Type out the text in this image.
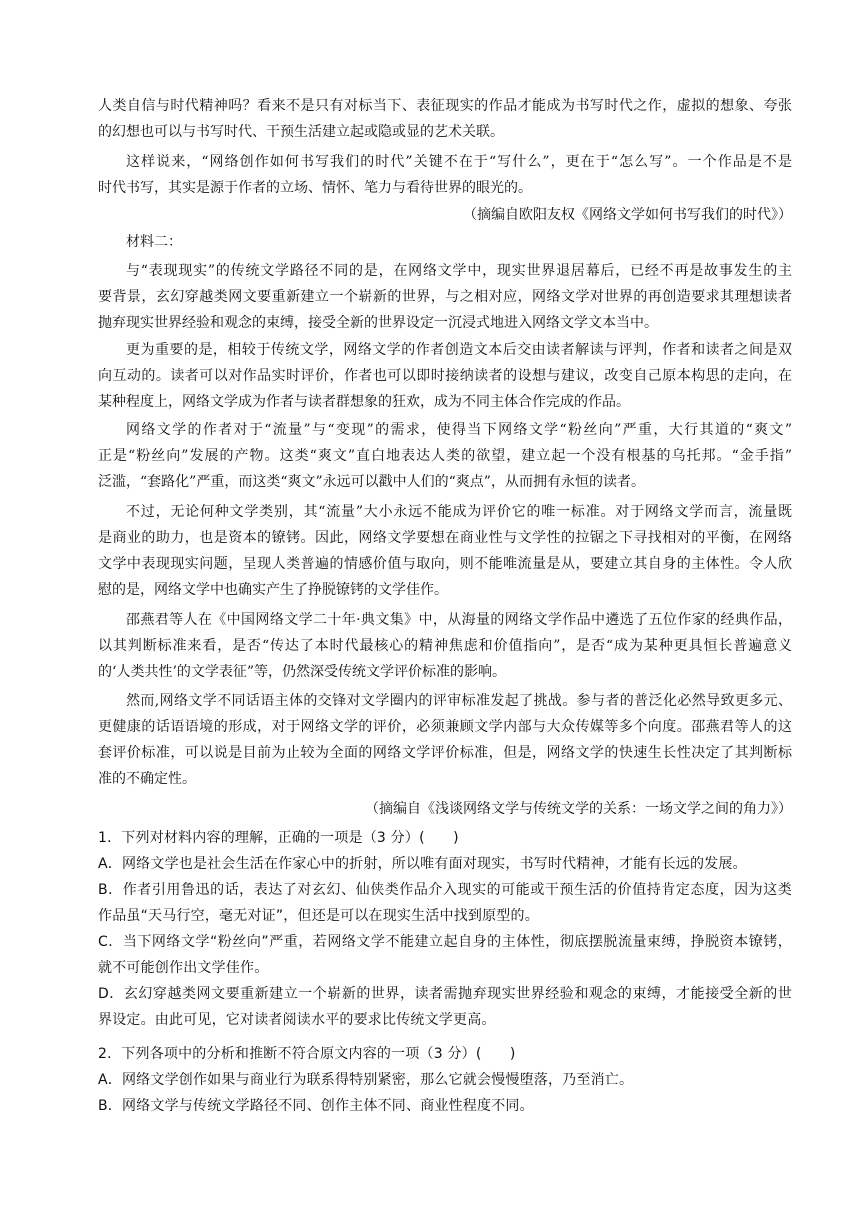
人类自信与时代精神吗？看来不是只有对标当下、表征现实的作品才能成为书写时代之作，虚拟的想象、夸张
的幻想也可以与书写时代、干预生活建立起或隐或显的艺术关联。
这样说来，“网络创作如何书写我们的时代”关键不在于“写什么”，更在于“怎么写”。一个作品是不是
时代书写，其实是源于作者的立场、情怀、笔力与看待世界的眼光的。
（摘编自欧阳友权《网络文学如何书写我们的时代》）
材料二：
与“表现现实”的传统文学路径不同的是，在网络文学中，现实世界退居幕后，已经不再是故事发生的主
要背景，玄幻穿越类网文要重新建立一个崭新的世界，与之相对应，网络文学对世界的再创造要求其理想读者
抛弃现实世界经验和观念的束缚，接受全新的世界设定一沉浸式地进入网络文学文本当中。
更为重要的是，相较于传统文学，网络文学的作者创造文本后交由读者解读与评判，作者和读者之间是双
向互动的。读者可以对作品实时评价，作者也可以即时接纳读者的设想与建议，改变自己原本构思的走向，在
某种程度上，网络文学成为作者与读者群想象的狂欢，成为不同主体合作完成的作品。
网络文学的作者对于“流量”与“变现”的需求，使得当下网络文学“粉丝向”严重，大行其道的“爽文”
正是“粉丝向”发展的产物。这类“爽文”直白地表达人类的欲望，建立起一个没有根基的乌托邦。“金手指”
泛滥，“套路化”严重，而这类“爽文”永远可以戳中人们的“爽点”，从而拥有永恒的读者。
不过，无论何种文学类别，其“流量”大小永远不能成为评价它的唯一标准。对于网络文学而言，流量既
是商业的助力，也是资本的镣铐。因此，网络文学要想在商业性与文学性的拉锯之下寻找相对的平衡，在网络
文学中表现现实问题，呈现人类普遍的情感价值与取向，则不能唯流量是从，要建立其自身的主体性。令人欣
慰的是，网络文学中也确实产生了挣脱镣铐的文学佳作。
邵燕君等人在《中国网络文学二十年·典文集》中，从海量的网络文学作品中遴选了五位作家的经典作品，
以其判断标准来看，是否“传达了本时代最核心的精神焦虑和价值指向”，是否“成为某种更具恒长普遍意义
的‘人类共性’的文学表征”等，仍然深受传统文学评价标准的影响。
然而,网络文学不同话语主体的交锋对文学圈内的评审标准发起了挑战。参与者的普泛化必然导致更多元、
更健康的话语语境的形成，对于网络文学的评价，必须兼顾文学内部与大众传媒等多个向度。邵燕君等人的这
套评价标准，可以说是目前为止较为全面的网络文学评价标准，但是，网络文学的快速生长性决定了其判断标
准的不确定性。
（摘编自《浅谈网络文学与传统文学的关系：一场文学之间的角力》）
1．下列对材料内容的理解，正确的一项是（3 分）(　　)
A．网络文学也是社会生活在作家心中的折射，所以唯有面对现实，书写时代精神，才能有长远的发展。
B．作者引用鲁迅的话，表达了对玄幻、仙侠类作品介入现实的可能或干预生活的价值持肯定态度，因为这类
作品虽“天马行空，毫无对证”，但还是可以在现实生活中找到原型的。
C．当下网络文学“粉丝向”严重，若网络文学不能建立起自身的主体性，彻底摆脱流量束缚，挣脱资本镣铐，
就不可能创作出文学佳作。
D．玄幻穿越类网文要重新建立一个崭新的世界，读者需抛弃现实世界经验和观念的束缚，才能接受全新的世
界设定。由此可见，它对读者阅读水平的要求比传统文学更高。
2．下列各项中的分析和推断不符合原文内容的一项（3 分）(　　)
A．网络文学创作如果与商业行为联系得特别紧密，那么它就会慢慢堕落，乃至消亡。
B．网络文学与传统文学路径不同、创作主体不同、商业性程度不同。
